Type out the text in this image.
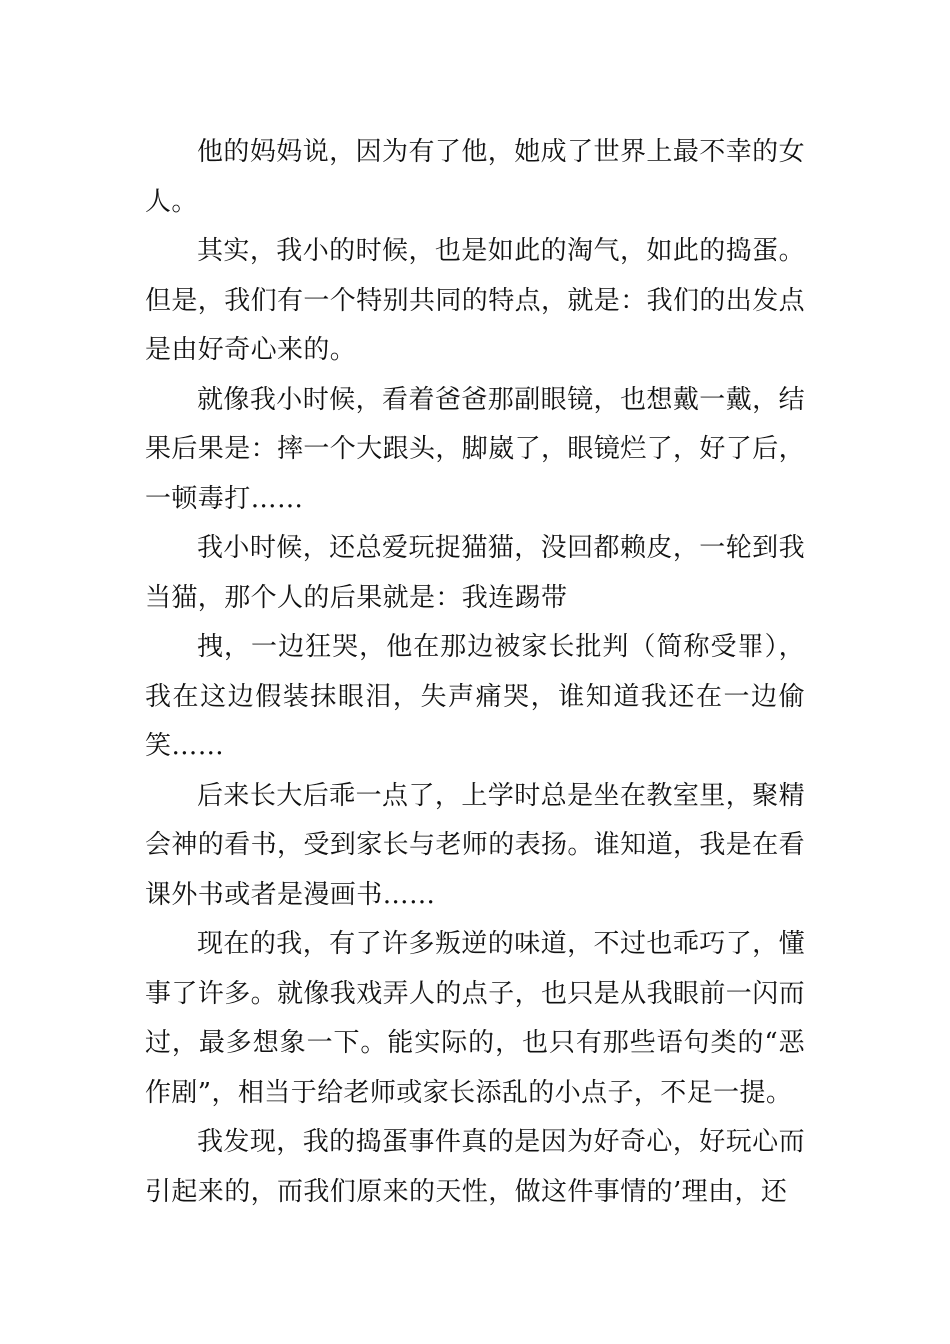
他的妈妈说，因为有了他，她成了世界上最不幸的女人。

其实，我小的时候，也是如此的淘气，如此的捣蛋。但是，我们有一个特别共同的特点，就是：我们的出发点是由好奇心来的。

就像我小时候，看着爸爸那副眼镜，也想戴一戴，结果后果是：摔一个大跟头，脚崴了，眼镜烂了，好了后，一顿毒打……

我小时候，还总爱玩捉猫猫，没回都赖皮，一轮到我当猫，那个人的后果就是：我连踢带

拽，一边狂哭，他在那边被家长批判（简称受罪），我在这边假装抹眼泪，失声痛哭，谁知道我还在一边偷笑……

后来长大后乖一点了，上学时总是坐在教室里，聚精会神的看书，受到家长与老师的表扬。谁知道，我是在看课外书或者是漫画书……

现在的我，有了许多叛逆的味道，不过也乖巧了，懂事了许多。就像我戏弄人的点子，也只是从我眼前一闪而过，最多想象一下。能实际的，也只有那些语句类的“恶作剧”，相当于给老师或家长添乱的小点子，不足一提。

我发现，我的捣蛋事件真的是因为好奇心，好玩心而引起来的，而我们原来的天性，做这件事情的’理由，还
